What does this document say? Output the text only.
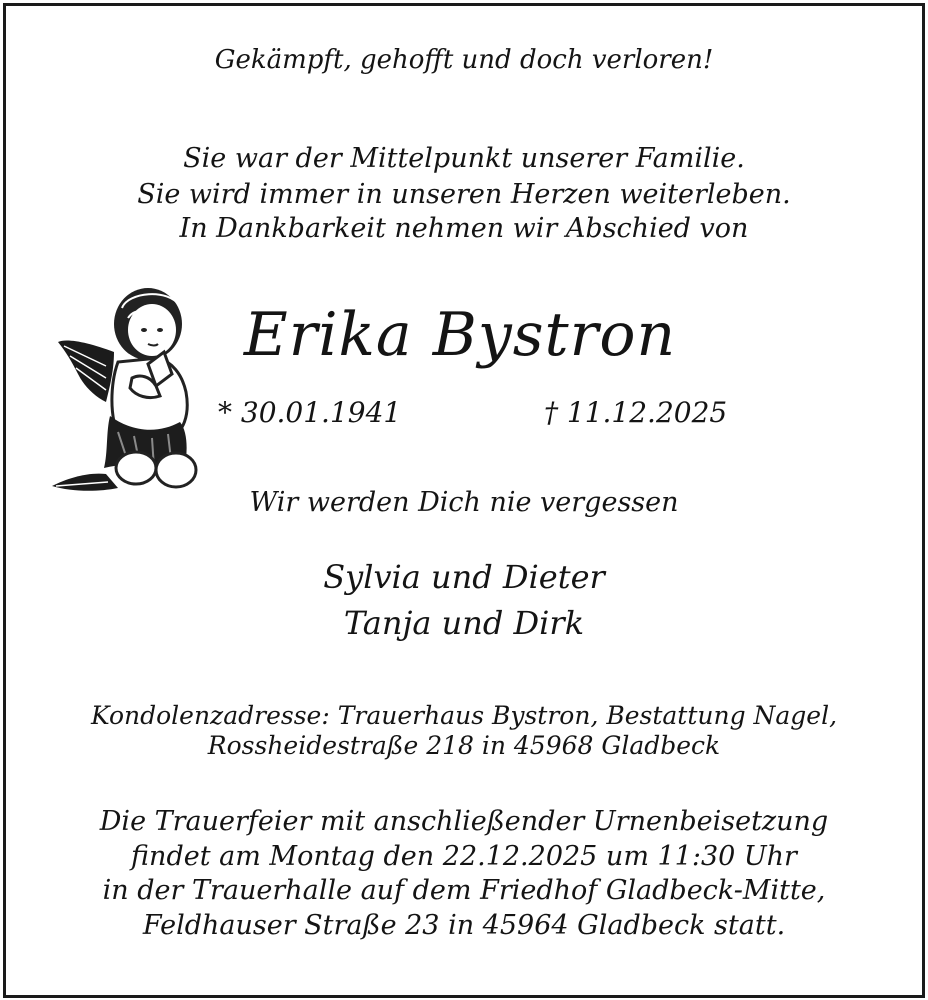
Gekämpft, gehofft und doch verloren!
Sie war der Mittelpunkt unserer Familie.
Sie wird immer in unseren Herzen weiterleben.
In Dankbarkeit nehmen wir Abschied von
Erika Bystron
* 30.01.1941	† 11.12.2025
Wir werden Dich nie vergessen
Sylvia und Dieter
Tanja und Dirk
Kondolenzadresse: Trauerhaus Bystron, Bestattung Nagel,
Rossheidestraße 218 in 45968 Gladbeck
Die Trauerfeier mit anschließender Urnenbeisetzung
findet am Montag den 22.12.2025 um 11:30 Uhr
in der Trauerhalle auf dem Friedhof Gladbeck-Mitte,
Feldhauser Straße 23 in 45964 Gladbeck statt.
